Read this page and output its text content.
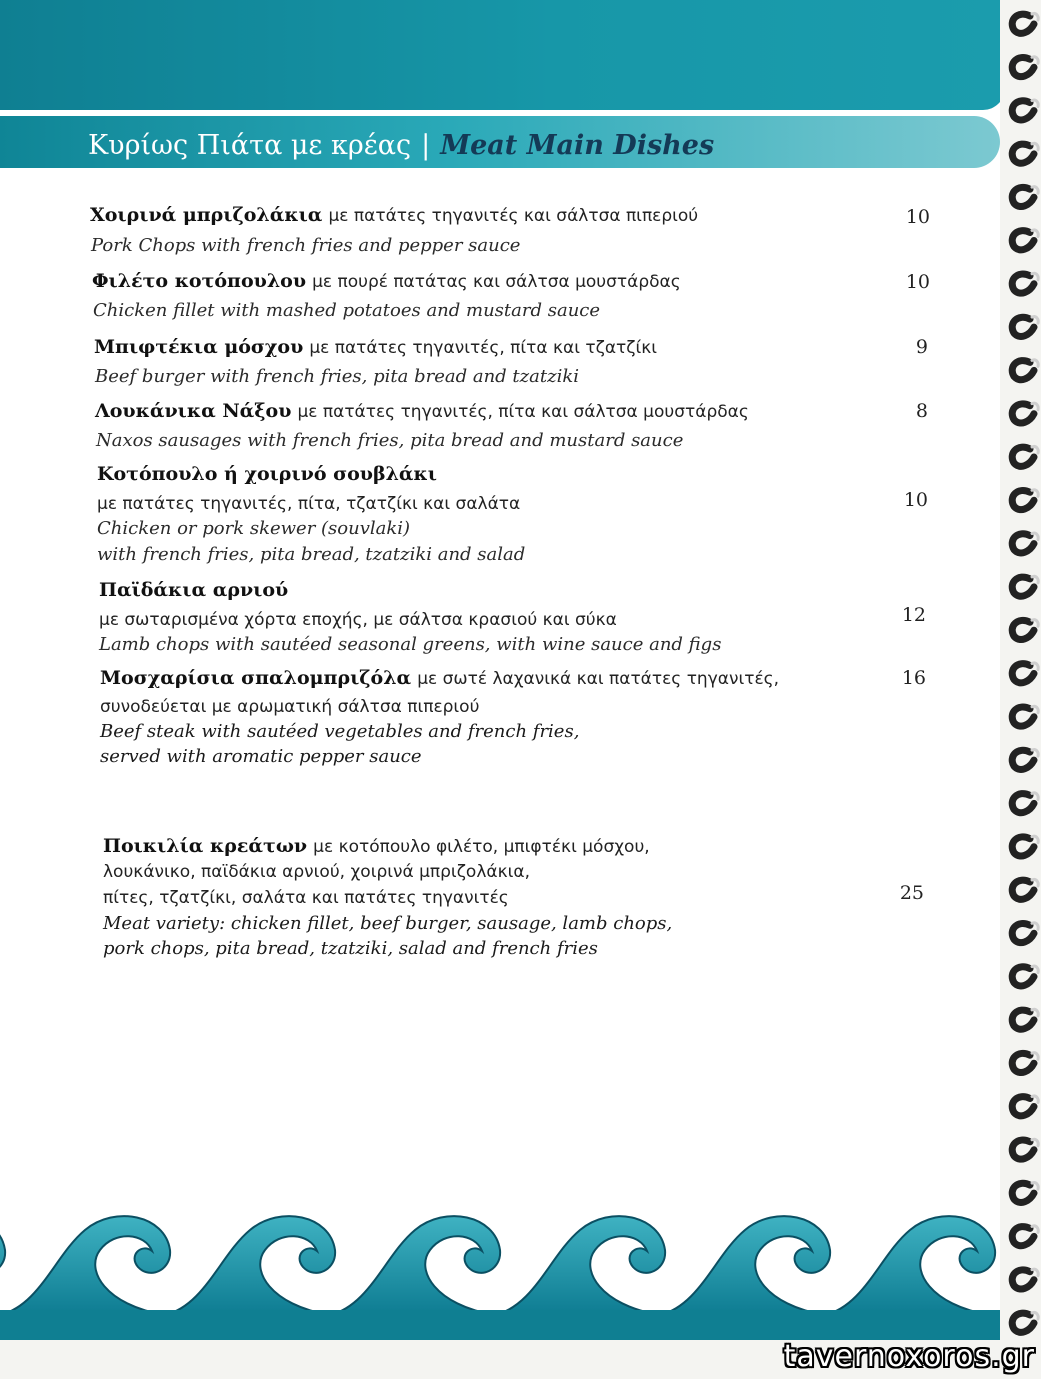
Κυρίως Πιάτα με κρέας | Meat Main Dishes
Χοιρινά μπριζολάκια με πατάτες τηγανιτές και σάλτσα πιπεριού
Pork Chops with french fries and pepper sauce
10
Φιλέτο κοτόπουλου με πουρέ πατάτας και σάλτσα μουστάρδας
Chicken fillet with mashed potatoes and mustard sauce
10
Μπιφτέκια μόσχου με πατάτες τηγανιτές, πίτα και τζατζίκι
Beef burger with french fries, pita bread and tzatziki
9
Λουκάνικα Νάξου με πατάτες τηγανιτές, πίτα και σάλτσα μουστάρδας
Naxos sausages with french fries, pita bread and mustard sauce
8
Κοτόπουλο ή χοιρινό σουβλάκι
με πατάτες τηγανιτές, πίτα, τζατζίκι και σαλάτα
Chicken or pork skewer (souvlaki)
with french fries, pita bread, tzatziki and salad
10
Παϊδάκια αρνιού
με σωταρισμένα χόρτα εποχής, με σάλτσα κρασιού και σύκα
Lamb chops with sautéed seasonal greens, with wine sauce and figs
12
Μοσχαρίσια σπαλομπριζόλα με σωτέ λαχανικά και πατάτες τηγανιτές,
συνοδεύεται με αρωματική σάλτσα πιπεριού
Beef steak with sautéed vegetables and french fries,
served with aromatic pepper sauce
16
Ποικιλία κρεάτων με κοτόπουλο φιλέτο, μπιφτέκι μόσχου,
λουκάνικο, παϊδάκια αρνιού, χοιρινά μπριζολάκια,
πίτες, τζατζίκι, σαλάτα και πατάτες τηγανιτές
Meat variety: chicken fillet, beef burger, sausage, lamb chops,
pork chops, pita bread, tzatziki, salad and french fries
25
tavernoxoros.gr
